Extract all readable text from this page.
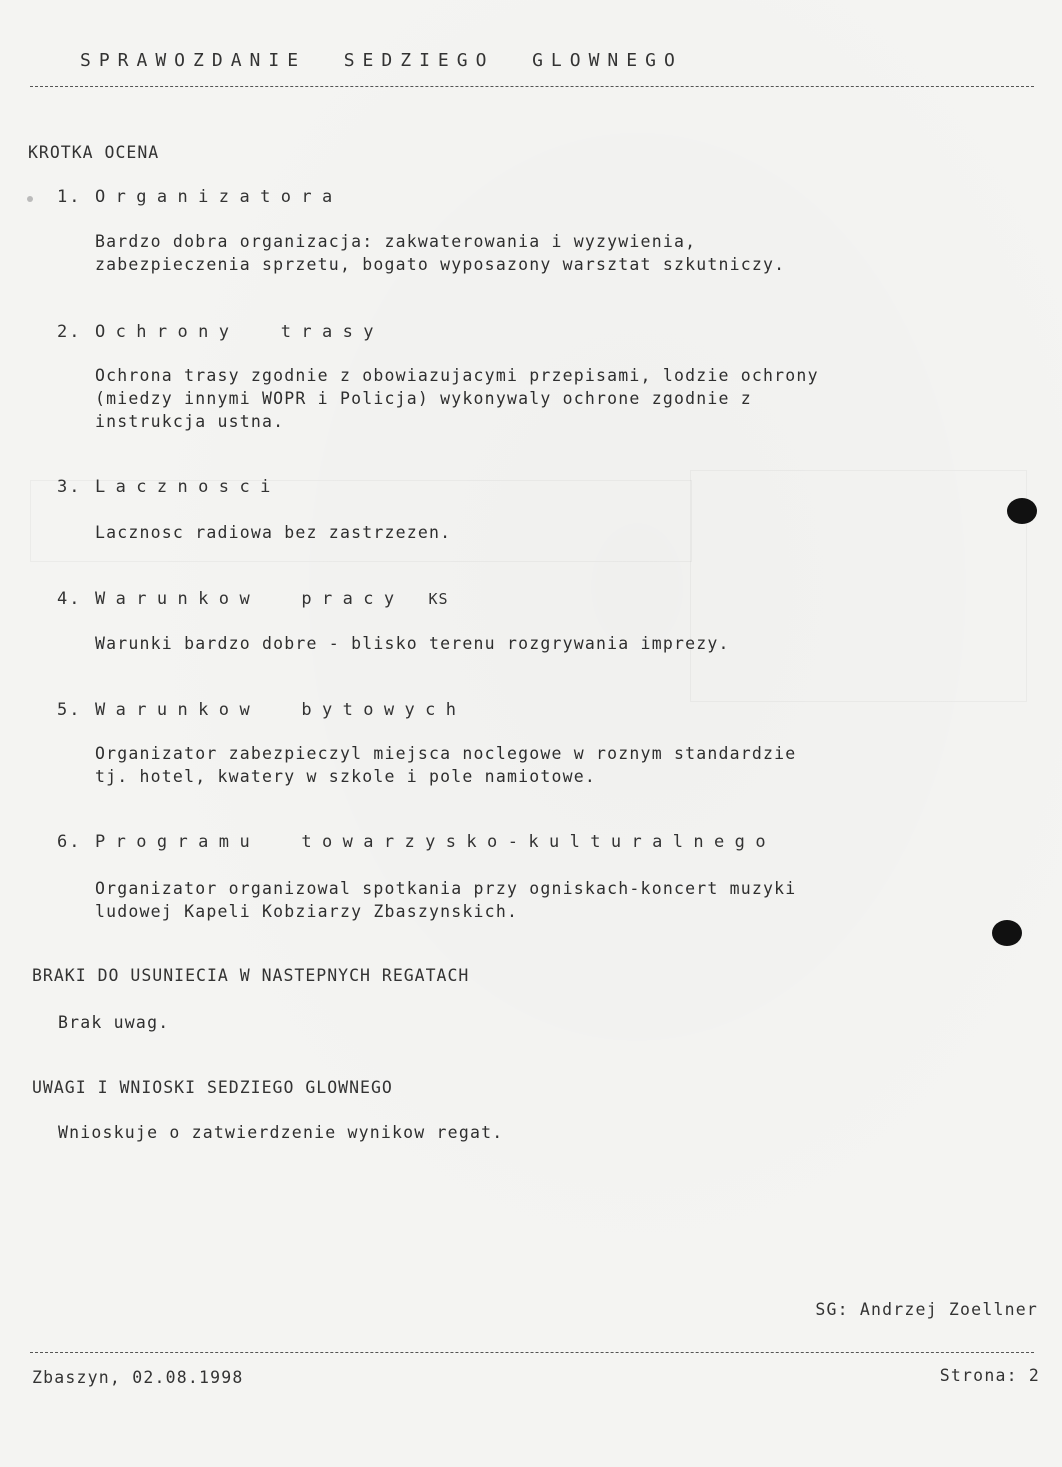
SPRAWOZDANIE  SEDZIEGO  GLOWNEGO
KROTKA OCENA
1. Organizatora
Bardzo dobra organizacja: zakwaterowania i wyzywienia,
zabezpieczenia sprzetu, bogato wyposazony warsztat szkutniczy.
2. Ochrony  trasy
Ochrona trasy zgodnie z obowiazujacymi przepisami, lodzie ochrony
(miedzy innymi WOPR i Policja) wykonywaly ochrone zgodnie z
instrukcja ustna.
3. Lacznosci
Lacznosc radiowa bez zastrzezen.
4. Warunkow  pracy KS
Warunki bardzo dobre - blisko terenu rozgrywania imprezy.
5. Warunkow  bytowych
Organizator zabezpieczyl miejsca noclegowe w roznym standardzie
tj. hotel, kwatery w szkole i pole namiotowe.
6. Programu  towarzysko-kulturalnego
Organizator organizowal spotkania przy ogniskach-koncert muzyki
ludowej Kapeli Kobziarzy Zbaszynskich.
BRAKI DO USUNIECIA W NASTEPNYCH REGATACH
Brak uwag.
UWAGI I WNIOSKI SEDZIEGO GLOWNEGO
Wnioskuje o zatwierdzenie wynikow regat.
SG: Andrzej Zoellner
Zbaszyn, 02.08.1998	Strona: 2
